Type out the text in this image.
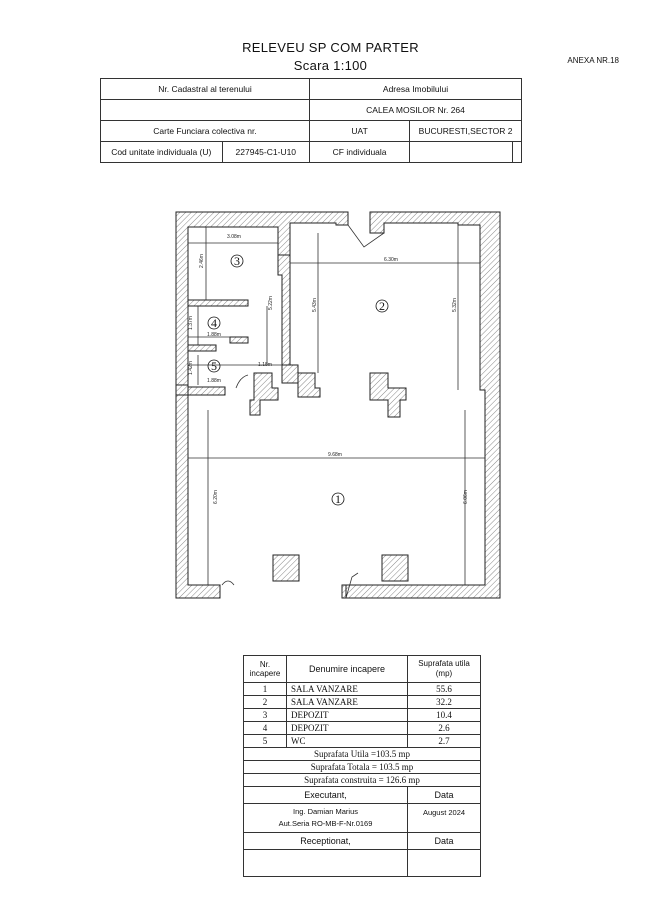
RELEVEU SP COM PARTER
Scara 1:100	ANEXA NR.18
Nr. Cadastral al terenului		Adresa Imobilului		
		CALEA MOSILOR Nr. 264		
Carte Funciara colectiva nr.		UAT	BUCURESTI,SECTOR 2	
Cod unitate individuala (U)	227945-C1-U10	CF individuala		
3
4
5
2
1
3.08m
2.46m
1.88m
1.37m
1.88m
1.42m
5.22m
1.18m
6.30m
5.43m	5.32m
9.68m
6.20m	6.06m
Nr. incapere	Denumire incapere	Suprafata utila (mp)
1	SALA VANZARE	55.6
2	SALA VANZARE	32.2
3	DEPOZIT	10.4
4	DEPOZIT	2.6
5	WC	2.7
Suprafata Utila =103.5 mp		
Suprafata Totala = 103.5 mp		
Suprafata construita = 126.6 mp		
Executant,		Data

Ing. Damian Marius
Aut.Seria RO-MB-F-Nr.0169		August 2024
Receptionat,		Data
